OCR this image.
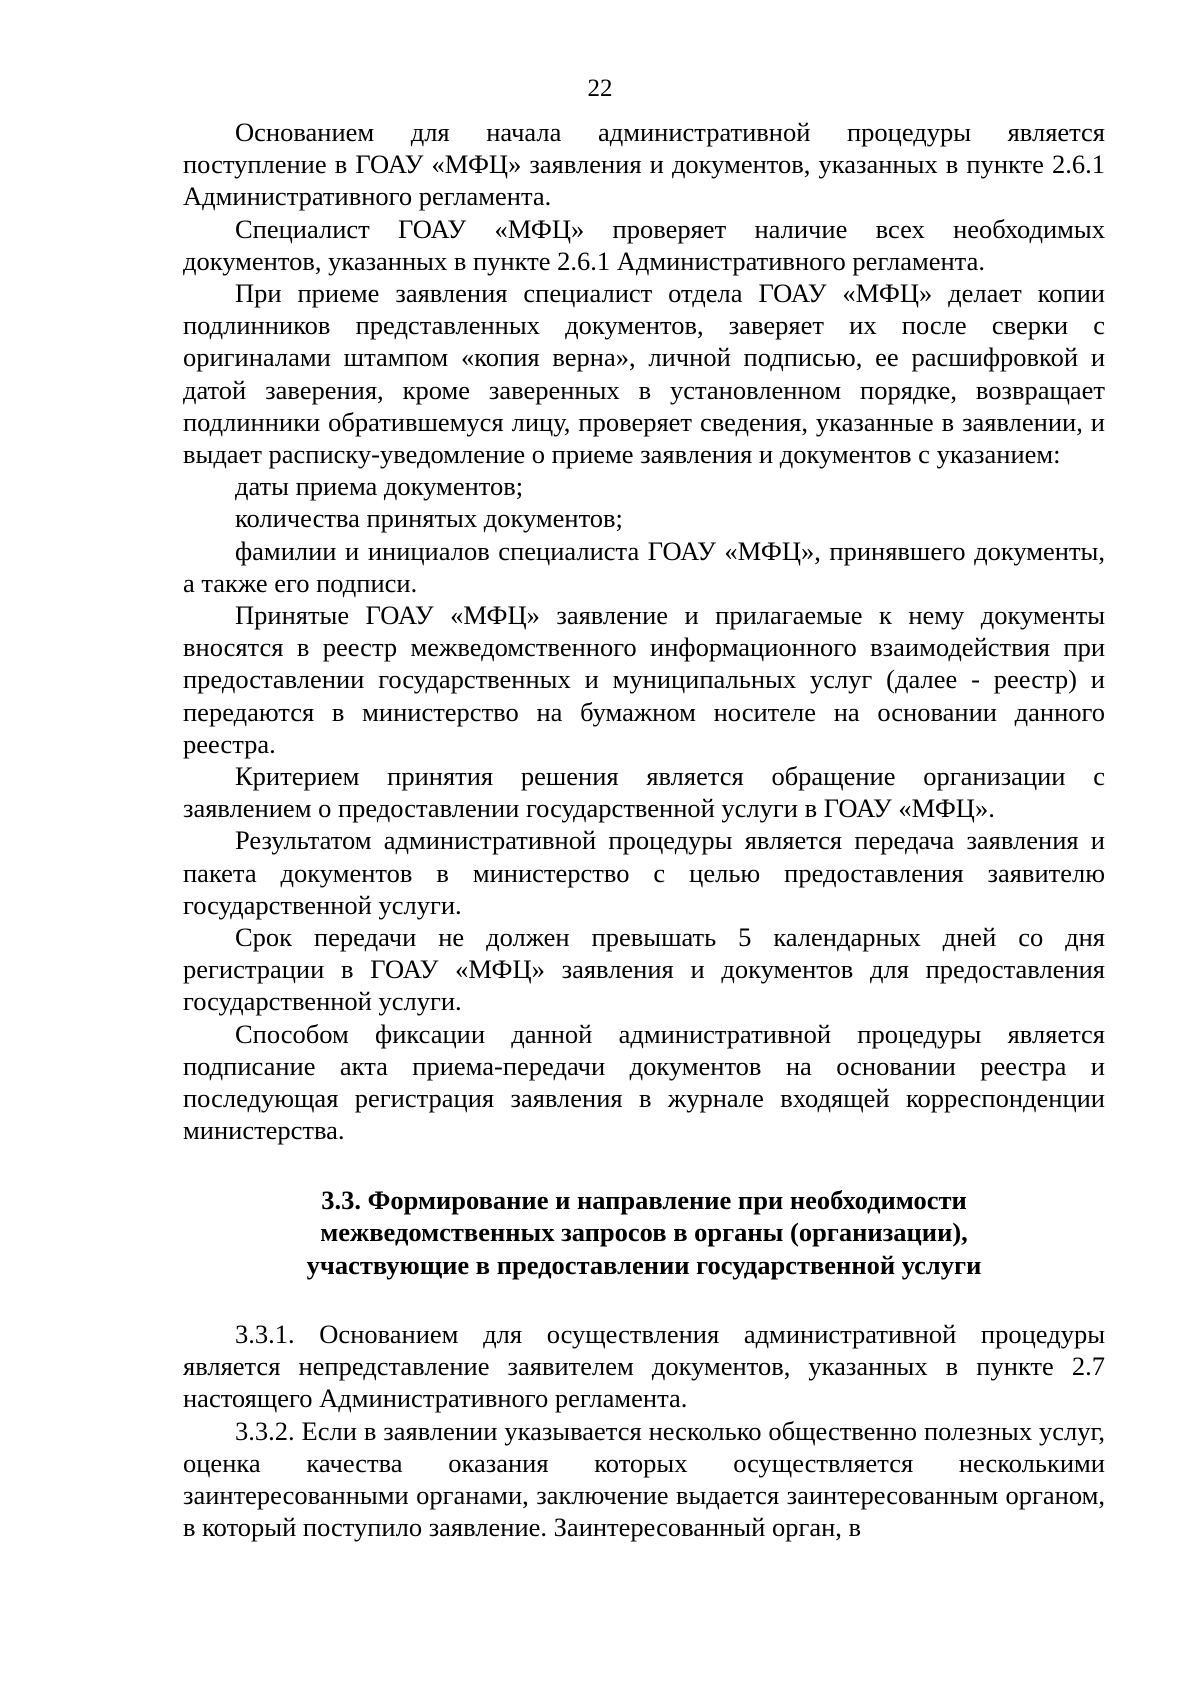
22

Основанием для начала административной процедуры является поступление в ГОАУ «МФЦ» заявления и документов, указанных в пункте 2.6.1 Административного регламента.

Специалист ГОАУ «МФЦ» проверяет наличие всех необходимых документов, указанных в пункте 2.6.1 Административного регламента.

При приеме заявления специалист отдела ГОАУ «МФЦ» делает копии подлинников представленных документов, заверяет их после сверки с оригиналами штампом «копия верна», личной подписью, ее расшифровкой и датой заверения, кроме заверенных в установленном порядке, возвращает подлинники обратившемуся лицу, проверяет сведения, указанные в заявлении, и выдает расписку-уведомление о приеме заявления и документов с указанием:

даты приема документов;

количества принятых документов;

фамилии и инициалов специалиста ГОАУ «МФЦ», принявшего документы, а также его подписи.

Принятые ГОАУ «МФЦ» заявление и прилагаемые к нему документы вносятся в реестр межведомственного информационного взаимодействия при предоставлении государственных и муниципальных услуг (далее - реестр) и передаются в министерство на бумажном носителе на основании данного реестра.

Критерием принятия решения является обращение организации с заявлением о предоставлении государственной услуги в ГОАУ «МФЦ».

Результатом административной процедуры является передача заявления и пакета документов в министерство с целью предоставления заявителю государственной услуги.

Срок передачи не должен превышать 5 календарных дней со дня регистрации в ГОАУ «МФЦ» заявления и документов для предоставления государственной услуги.

Способом фиксации данной административной процедуры является подписание акта приема-передачи документов на основании реестра и последующая регистрация заявления в журнале входящей корреспонденции министерства.

3.3. Формирование и направление при необходимости
межведомственных запросов в органы (организации),
участвующие в предоставлении государственной услуги

3.3.1. Основанием для осуществления административной процедуры является непредставление заявителем документов, указанных в пункте 2.7 настоящего Административного регламента.

3.3.2. Если в заявлении указывается несколько общественно полезных услуг, оценка качества оказания которых осуществляется несколькими заинтересованными органами, заключение выдается заинтересованным органом, в который поступило заявление. Заинтересованный орган, в
